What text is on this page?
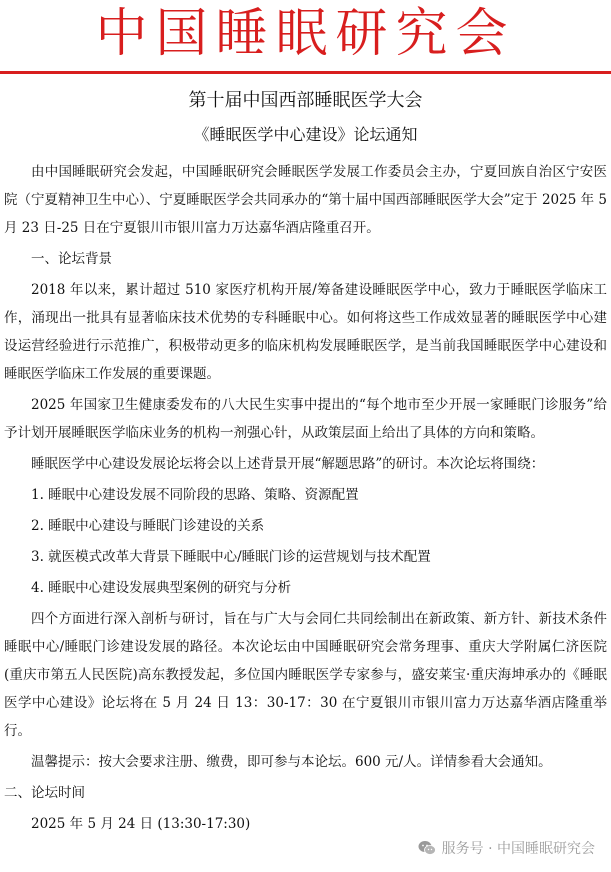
中国睡眠研究会
第十届中国西部睡眠医学大会
《睡眠医学中心建设》论坛通知

由中国睡眠研究会发起，中国睡眠研究会睡眠医学发展工作委员会主办，宁夏回族自治区宁安医院（宁夏精神卫生中心）、宁夏睡眠医学会共同承办的“第十届中国西部睡眠医学大会”定于 2025 年 5 月 23 日-25 日在宁夏银川市银川富力万达嘉华酒店隆重召开。

一、论坛背景

2018 年以来，累计超过 510 家医疗机构开展/筹备建设睡眠医学中心，致力于睡眠医学临床工作，涌现出一批具有显著临床技术优势的专科睡眠中心。如何将这些工作成效显著的睡眠医学中心建设运营经验进行示范推广，积极带动更多的临床机构发展睡眠医学，是当前我国睡眠医学中心建设和睡眠医学临床工作发展的重要课题。

2025 年国家卫生健康委发布的八大民生实事中提出的“每个地市至少开展一家睡眠门诊服务”给予计划开展睡眠医学临床业务的机构一剂强心针，从政策层面上给出了具体的方向和策略。

睡眠医学中心建设发展论坛将会以上述背景开展“解题思路”的研讨。本次论坛将围绕：

1. 睡眠中心建设发展不同阶段的思路、策略、资源配置

2. 睡眠中心建设与睡眠门诊建设的关系

3. 就医模式改革大背景下睡眠中心/睡眠门诊的运营规划与技术配置

4. 睡眠中心建设发展典型案例的研究与分析

四个方面进行深入剖析与研讨，旨在与广大与会同仁共同绘制出在新政策、新方针、新技术条件睡眠中心/睡眠门诊建设发展的路径。本次论坛由中国睡眠研究会常务理事、重庆大学附属仁济医院(重庆市第五人民医院)高东教授发起，多位国内睡眠医学专家参与，盛安莱宝·重庆海坤承办的《睡眠医学中心建设》论坛将在 5 月 24 日 13：30-17：30 在宁夏银川市银川富力万达嘉华酒店隆重举行。

温馨提示：按大会要求注册、缴费，即可参与本论坛。600 元/人。详情参看大会通知。

二、论坛时间

2025 年 5 月 24 日 (13:30-17:30)

服务号 · 中国睡眠研究会
